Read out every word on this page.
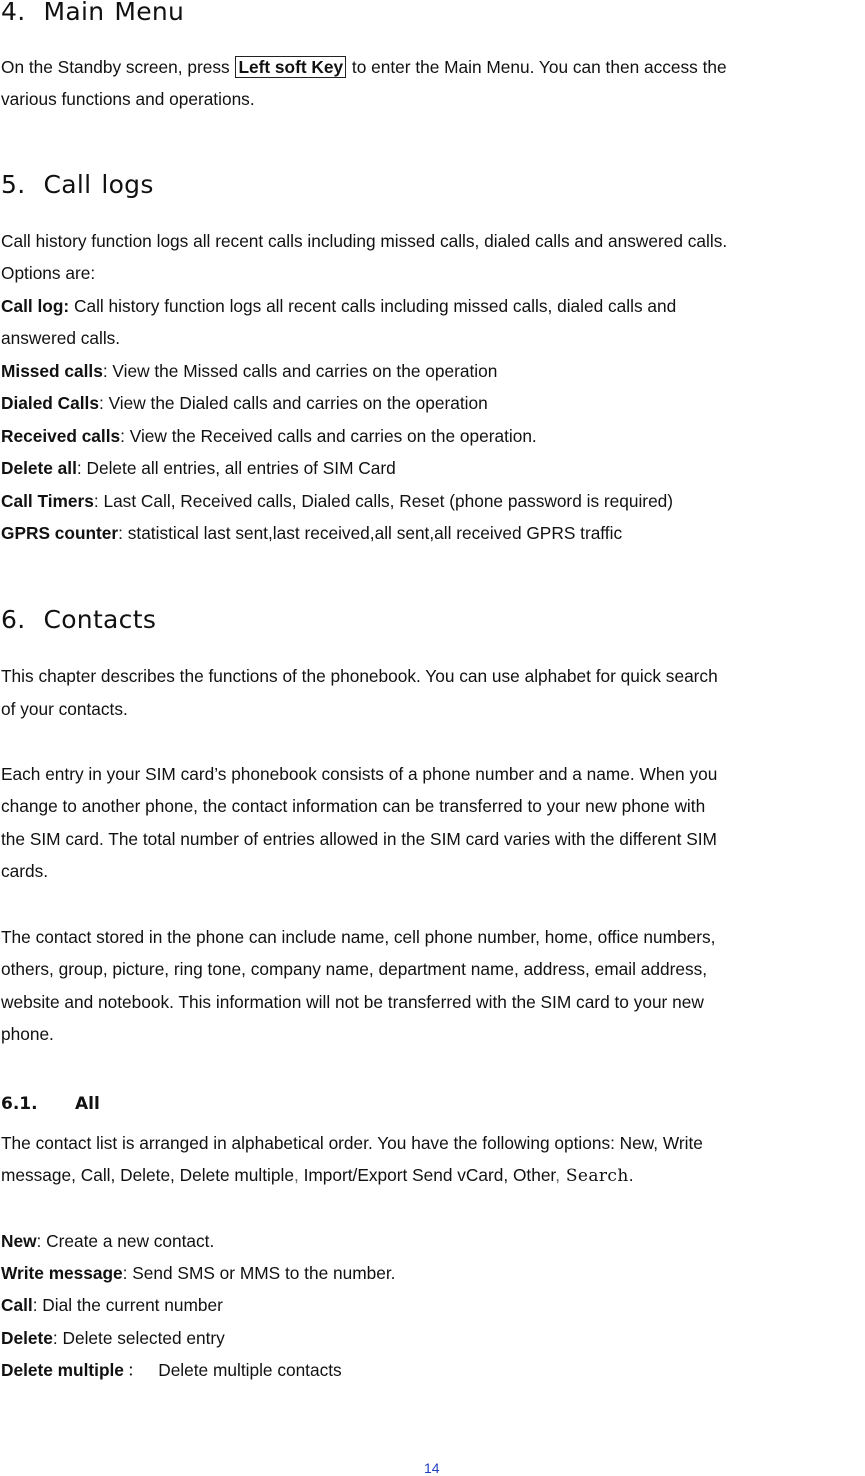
4. Main Menu
On the Standby screen, press Left soft Key to enter the Main Menu. You can then access the
various functions and operations.
5. Call logs
Call history function logs all recent calls including missed calls, dialed calls and answered calls.
Options are:
Call log: Call history function logs all recent calls including missed calls, dialed calls and
answered calls.
Missed calls: View the Missed calls and carries on the operation
Dialed Calls: View the Dialed calls and carries on the operation
Received calls: View the Received calls and carries on the operation.
Delete all: Delete all entries, all entries of SIM Card
Call Timers: Last Call, Received calls, Dialed calls, Reset (phone password is required)
GPRS counter: statistical last sent,last received,all sent,all received GPRS traffic
6. Contacts
This chapter describes the functions of the phonebook. You can use alphabet for quick search
of your contacts.
Each entry in your SIM card’s phonebook consists of a phone number and a name. When you
change to another phone, the contact information can be transferred to your new phone with
the SIM card. The total number of entries allowed in the SIM card varies with the different SIM
cards.
The contact stored in the phone can include name, cell phone number, home, office numbers,
others, group, picture, ring tone, company name, department name, address, email address,
website and notebook. This information will not be transferred with the SIM card to your new
phone.
6.1. All
The contact list is arranged in alphabetical order. You have the following options: New, Write
message, Call, Delete, Delete multiple, Import/Export Send vCard, Other, Search.
New: Create a new contact.
Write message: Send SMS or MMS to the number.
Call: Dial the current number
Delete: Delete selected entry
Delete multiple ： Delete multiple contacts
14
